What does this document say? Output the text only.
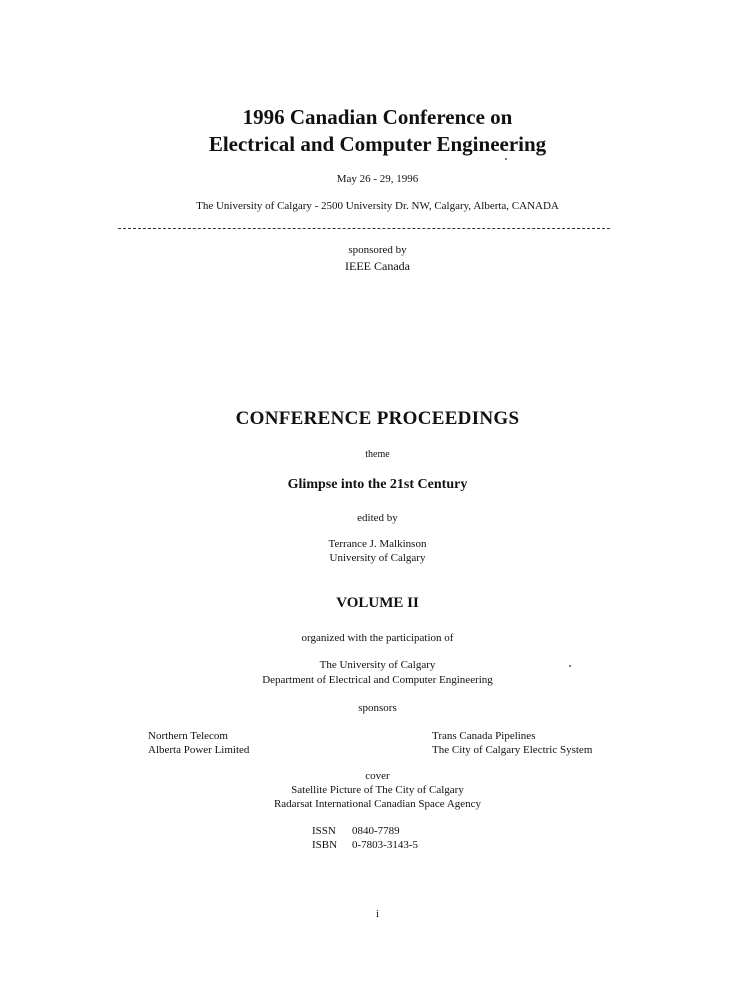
1996 Canadian Conference on
Electrical and Computer Engineering
May 26 - 29, 1996
The University of Calgary - 2500 University Dr. NW, Calgary, Alberta, CANADA
sponsored by
IEEE Canada
CONFERENCE PROCEEDINGS
theme
Glimpse into the 21st Century
edited by
Terrance J. Malkinson
University of Calgary
VOLUME II
organized with the participation of
The University of Calgary
Department of Electrical and Computer Engineering
sponsors
Northern Telecom
Alberta Power Limited
Trans Canada Pipelines
The City of Calgary Electric System
cover
Satellite Picture of The City of Calgary
Radarsat International Canadian Space Agency
ISSN 0840-7789
ISBN 0-7803-3143-5
i
